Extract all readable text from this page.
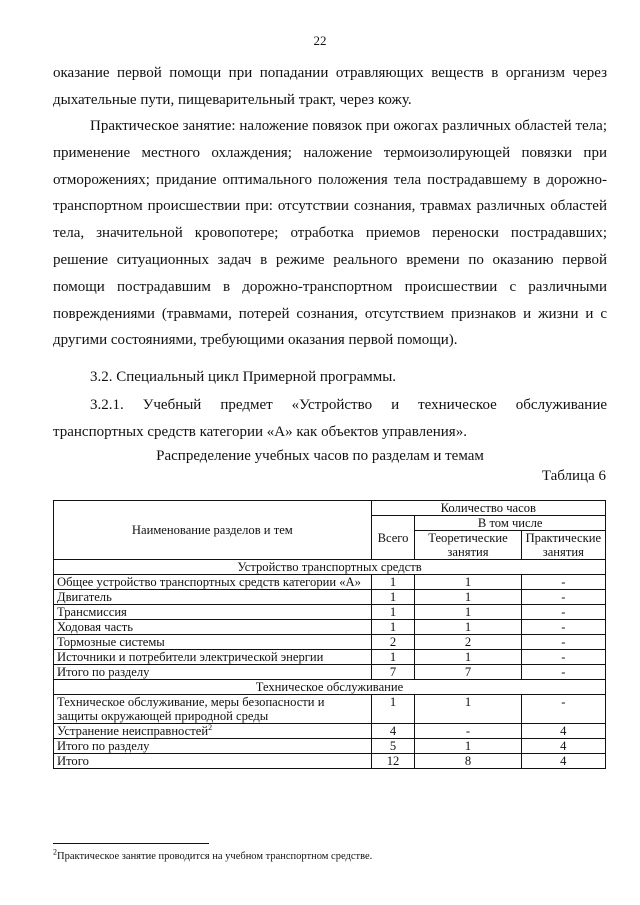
22

оказание первой помощи при попадании отравляющих веществ в организм через дыхательные пути, пищеварительный тракт, через кожу.

Практическое занятие: наложение повязок при ожогах различных областей тела; применение местного охлаждения; наложение термоизолирующей повязки при отморожениях; придание оптимального положения тела пострадавшему в дорожно-транспортном происшествии при: отсутствии сознания, травмах различных областей тела, значительной кровопотере; отработка приемов переноски пострадавших; решение ситуационных задач в режиме реального времени по оказанию первой помощи пострадавшим в дорожно-транспортном происшествии с различными повреждениями (травмами, потерей сознания, отсутствием признаков и жизни и с другими состояниями, требующими оказания первой помощи).

3.2. Специальный цикл Примерной программы.

3.2.1. Учебный предмет «Устройство и техническое обслуживание транспортных средств категории «А» как объектов управления».

Распределение учебных часов по разделам и темам
Таблица 6
Наименование разделов и тем	Количество часов		
	Всего	В том числе	
		Теоретические занятия	Практические занятия
Устройство транспортных средств			
Общее устройство транспортных средств категории «А»	1	1	-
Двигатель	1	1	-
Трансмиссия	1	1	-
Ходовая часть	1	1	-
Тормозные системы	2	2	-
Источники и потребители электрической энергии	1	1	-
Итого по разделу	7	7	-
Техническое обслуживание			
Техническое обслуживание, меры безопасности и защиты окружающей природной среды	1	1	-
Устранение неисправностей$^2$	4	-	4
Итого по разделу	5	1	4
Итого	12	8	4
$^2$Практическое занятие проводится на учебном транспортном средстве.
